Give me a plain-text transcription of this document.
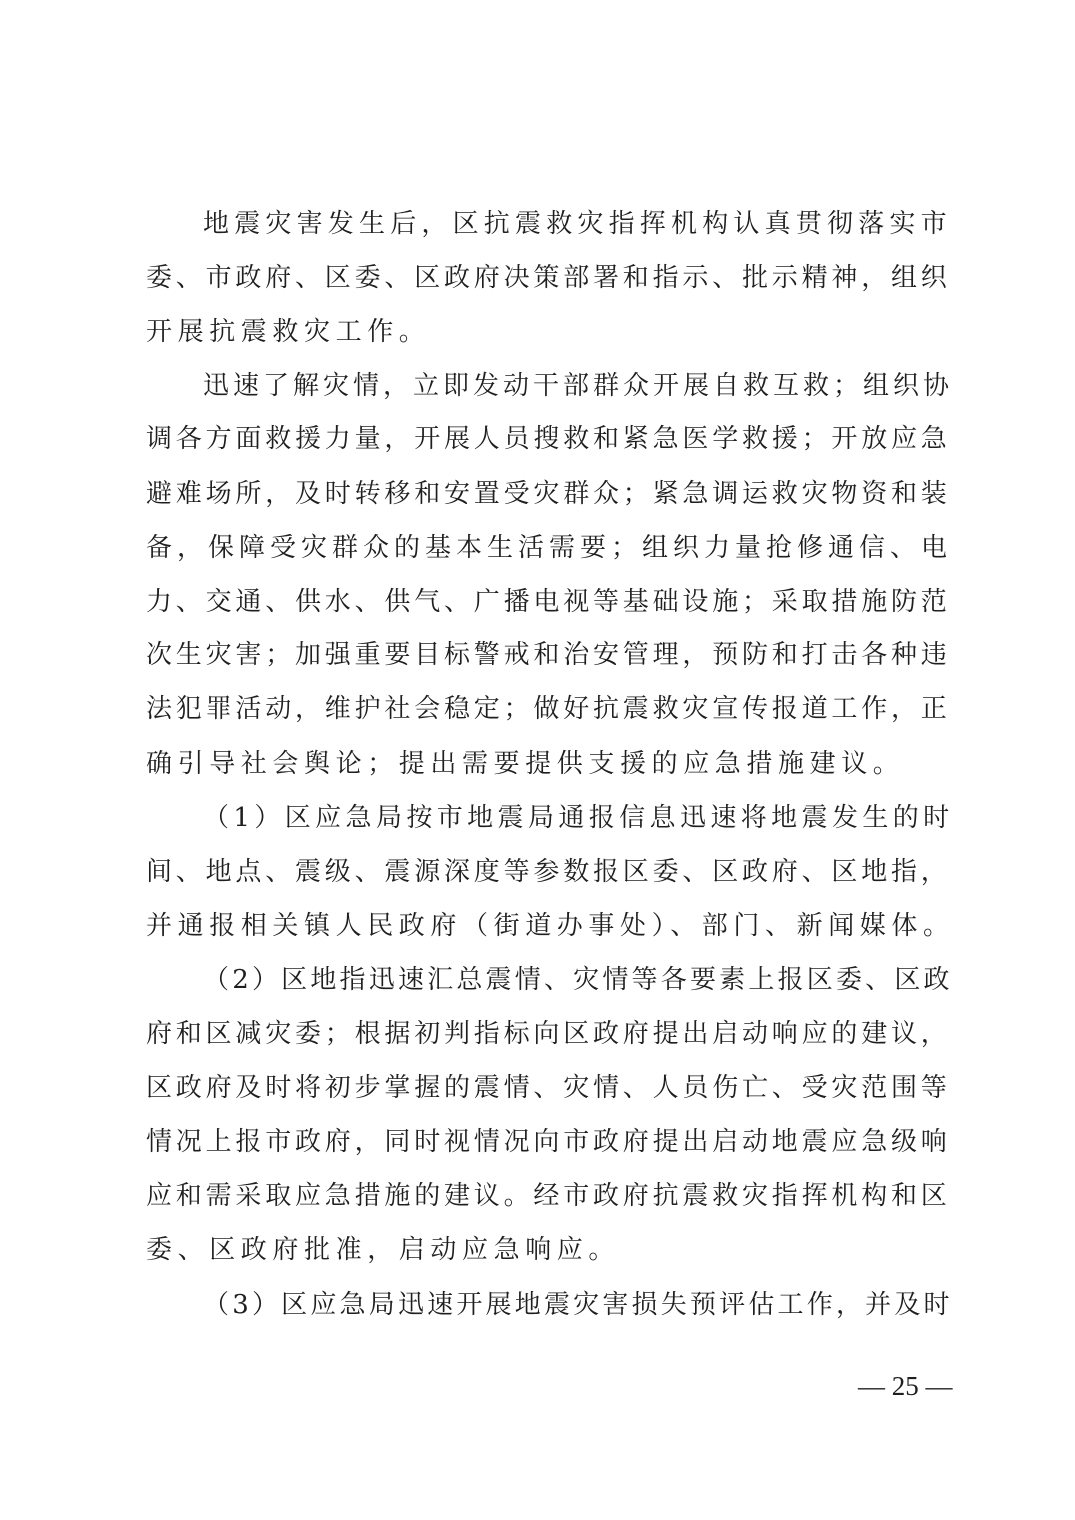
地震灾害发生后，区抗震救灾指挥机构认真贯彻落实市

委、市政府、区委、区政府决策部署和指示、批示精神，组织

开展抗震救灾工作。

迅速了解灾情，立即发动干部群众开展自救互救；组织协

调各方面救援力量，开展人员搜救和紧急医学救援；开放应急

避难场所，及时转移和安置受灾群众；紧急调运救灾物资和装

备，保障受灾群众的基本生活需要；组织力量抢修通信、电

力、交通、供水、供气、广播电视等基础设施；采取措施防范

次生灾害；加强重要目标警戒和治安管理，预防和打击各种违

法犯罪活动，维护社会稳定；做好抗震救灾宣传报道工作，正

确引导社会舆论；提出需要提供支援的应急措施建议。

（1）区应急局按市地震局通报信息迅速将地震发生的时

间、地点、震级、震源深度等参数报区委、区政府、区地指，

并通报相关镇人民政府（街道办事处）、部门、新闻媒体。

（2）区地指迅速汇总震情、灾情等各要素上报区委、区政

府和区减灾委；根据初判指标向区政府提出启动响应的建议，

区政府及时将初步掌握的震情、灾情、人员伤亡、受灾范围等

情况上报市政府，同时视情况向市政府提出启动地震应急级响

应和需采取应急措施的建议。经市政府抗震救灾指挥机构和区

委、区政府批准，启动应急响应。

（3）区应急局迅速开展地震灾害损失预评估工作，并及时

— 25 —
